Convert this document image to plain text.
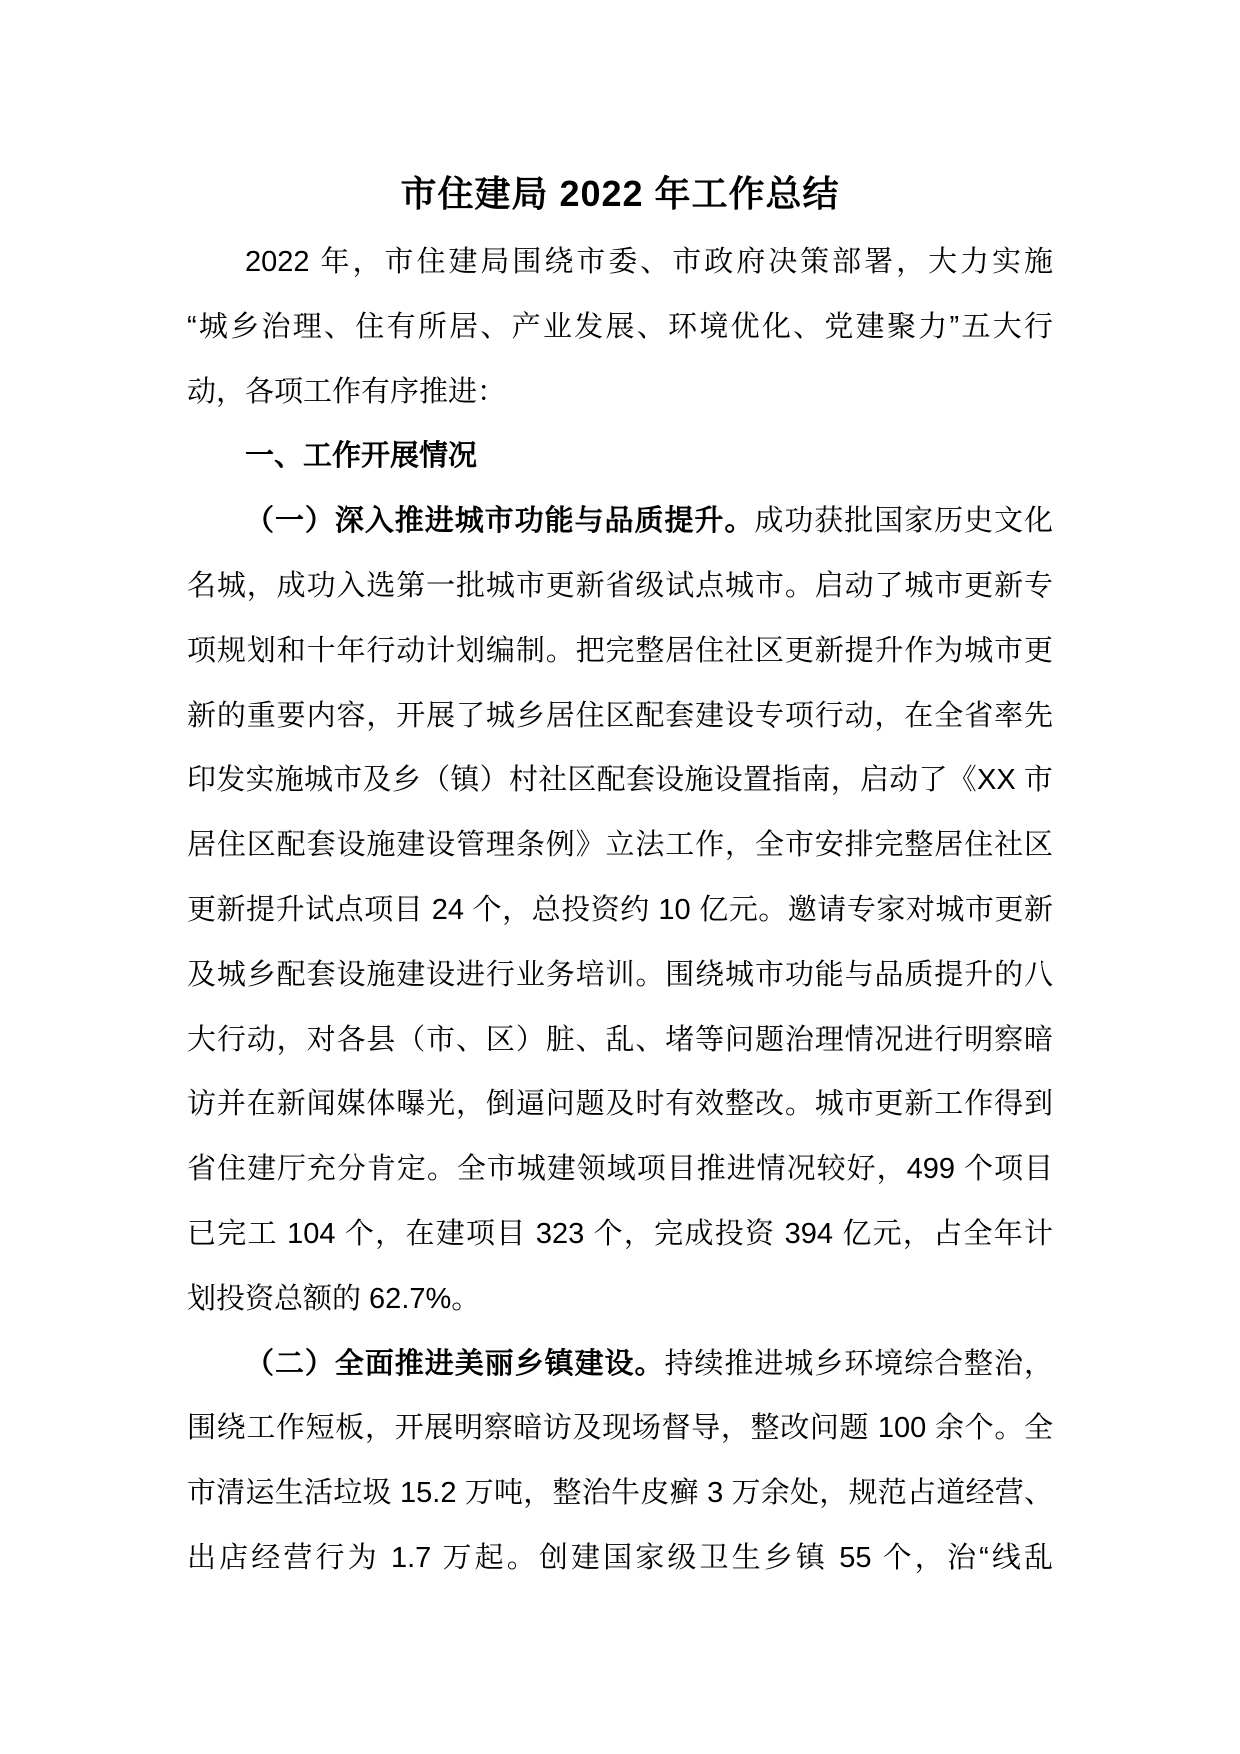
市住建局 2022 年工作总结
2022 年，市住建局围绕市委、市政府决策部署，大力实施
“城乡治理、住有所居、产业发展、环境优化、党建聚力”五大行
动，各项工作有序推进：
一、工作开展情况
（一）深入推进城市功能与品质提升。成功获批国家历史文化
名城，成功入选第一批城市更新省级试点城市。启动了城市更新专
项规划和十年行动计划编制。把完整居住社区更新提升作为城市更
新的重要内容，开展了城乡居住区配套建设专项行动，在全省率先
印发实施城市及乡（镇）村社区配套设施设置指南，启动了《XX 市
居住区配套设施建设管理条例》立法工作，全市安排完整居住社区
更新提升试点项目 24 个，总投资约 10 亿元。邀请专家对城市更新
及城乡配套设施建设进行业务培训。围绕城市功能与品质提升的八
大行动，对各县（市、区）脏、乱、堵等问题治理情况进行明察暗
访并在新闻媒体曝光，倒逼问题及时有效整改。城市更新工作得到
省住建厅充分肯定。全市城建领域项目推进情况较好，499 个项目
已完工 104 个，在建项目 323 个，完成投资 394 亿元，占全年计
划投资总额的 62.7%。
（二）全面推进美丽乡镇建设。持续推进城乡环境综合整治，
围绕工作短板，开展明察暗访及现场督导，整改问题 100 余个。全
市清运生活垃圾 15.2 万吨，整治牛皮癣 3 万余处，规范占道经营、
出店经营行为 1.7 万起。创建国家级卫生乡镇 55 个，治“线乱
